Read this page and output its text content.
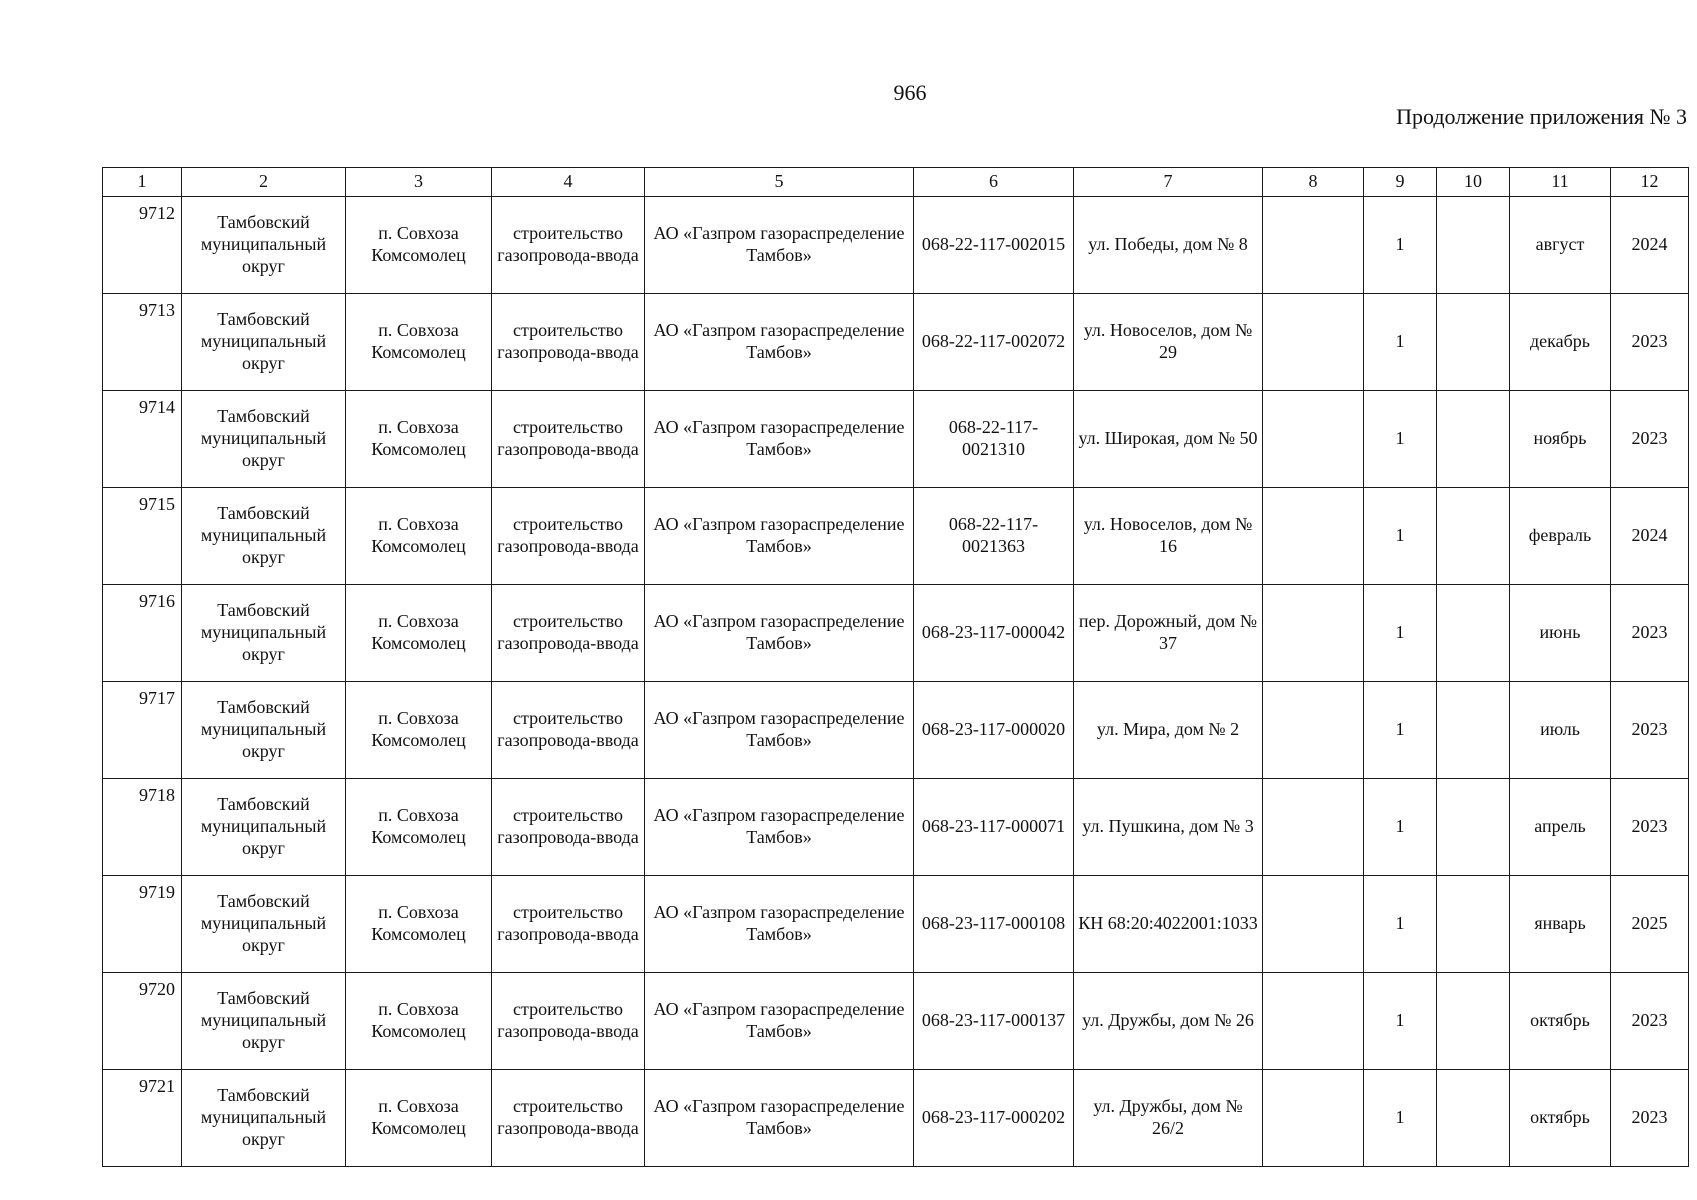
966
Продолжение приложения № 3
1	2	3	4	5	6	7	8	9	10	11	12
9712	Тамбовский муниципальный округ	п. Совхоза Комсомолец	строительство газопровода-ввода	АО «Газпром газораспределение Тамбов»	068-22-117-002015	ул. Победы, дом № 8		1		август	2024
9713	Тамбовский муниципальный округ	п. Совхоза Комсомолец	строительство газопровода-ввода	АО «Газпром газораспределение Тамбов»	068-22-117-002072	ул. Новоселов, дом № 29		1		декабрь	2023
9714	Тамбовский муниципальный округ	п. Совхоза Комсомолец	строительство газопровода-ввода	АО «Газпром газораспределение Тамбов»	068-22-117-0021310	ул. Широкая, дом № 50		1		ноябрь	2023
9715	Тамбовский муниципальный округ	п. Совхоза Комсомолец	строительство газопровода-ввода	АО «Газпром газораспределение Тамбов»	068-22-117-0021363	ул. Новоселов, дом № 16		1		февраль	2024
9716	Тамбовский муниципальный округ	п. Совхоза Комсомолец	строительство газопровода-ввода	АО «Газпром газораспределение Тамбов»	068-23-117-000042	пер. Дорожный, дом № 37		1		июнь	2023
9717	Тамбовский муниципальный округ	п. Совхоза Комсомолец	строительство газопровода-ввода	АО «Газпром газораспределение Тамбов»	068-23-117-000020	ул. Мира, дом № 2		1		июль	2023
9718	Тамбовский муниципальный округ	п. Совхоза Комсомолец	строительство газопровода-ввода	АО «Газпром газораспределение Тамбов»	068-23-117-000071	ул. Пушкина, дом № 3		1		апрель	2023
9719	Тамбовский муниципальный округ	п. Совхоза Комсомолец	строительство газопровода-ввода	АО «Газпром газораспределение Тамбов»	068-23-117-000108	КН 68:20:4022001:1033		1		январь	2025
9720	Тамбовский муниципальный округ	п. Совхоза Комсомолец	строительство газопровода-ввода	АО «Газпром газораспределение Тамбов»	068-23-117-000137	ул. Дружбы, дом № 26		1		октябрь	2023
9721	Тамбовский муниципальный округ	п. Совхоза Комсомолец	строительство газопровода-ввода	АО «Газпром газораспределение Тамбов»	068-23-117-000202	ул. Дружбы, дом № 26/2		1		октябрь	2023
